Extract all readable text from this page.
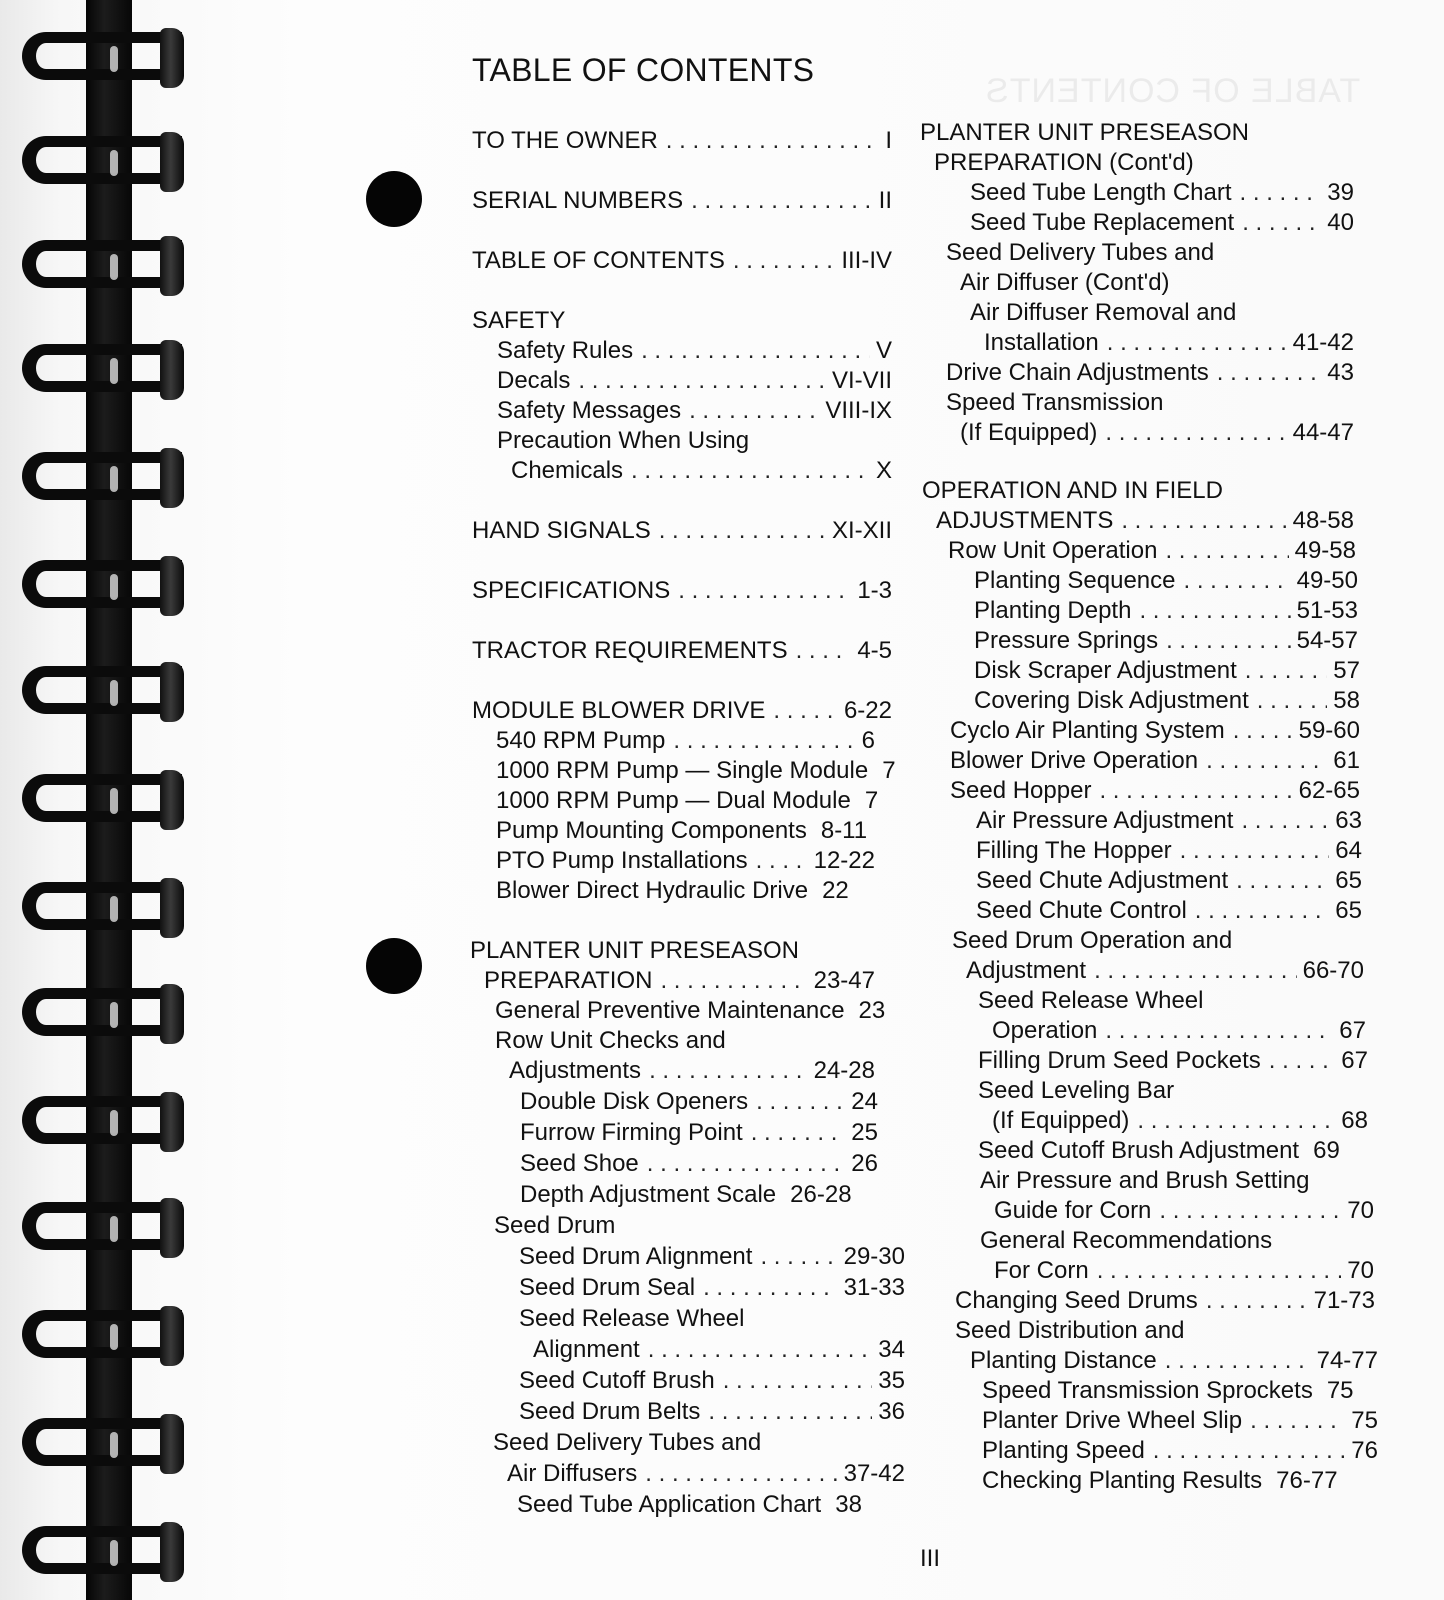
TABLE OF CONTENTS
TABLE OF CONTENTS
TO THE OWNER . . .	I
SERIAL NUMBERS . . .	II
TABLE OF CONTENTS . . .	III-IV
SAFETY
Safety Rules . . .	V
Decals . . .	VI-VII
Safety Messages . . .	VIII-IX
Precaution When Using
Chemicals . . .	X
HAND SIGNALS . . .	XI-XII
SPECIFICATIONS . . .	1-3
TRACTOR REQUIREMENTS . . .	4-5
MODULE BLOWER DRIVE . . .	6-22
540 RPM Pump . . .	6
1000 RPM Pump — Single Module 7
1000 RPM Pump — Dual Module 7
Pump Mounting Components 8-11
PTO Pump Installations . . .	12-22
Blower Direct Hydraulic Drive 22
PLANTER UNIT PRESEASON
PREPARATION . . .	23-47
General Preventive Maintenance 23
Row Unit Checks and
Adjustments . . .	24-28
Double Disk Openers . . .	24
Furrow Firming Point . . .	25
Seed Shoe . . .	26
Depth Adjustment Scale 26-28
Seed Drum
Seed Drum Alignment . . .	29-30
Seed Drum Seal . . .	31-33
Seed Release Wheel
Alignment . . .	34
Seed Cutoff Brush . . .	35
Seed Drum Belts . . .	36
Seed Delivery Tubes and
Air Diffusers . . .	37-42
Seed Tube Application Chart 38
PLANTER UNIT PRESEASON
PREPARATION (Cont'd)
Seed Tube Length Chart . . .	39
Seed Tube Replacement . . .	40
Seed Delivery Tubes and
Air Diffuser (Cont'd)
Air Diffuser Removal and
Installation . . .	41-42
Drive Chain Adjustments . . .	43
Speed Transmission
(If Equipped) . . .	44-47
OPERATION AND IN FIELD
ADJUSTMENTS . . .	48-58
Row Unit Operation . . .	49-58
Planting Sequence . . .	49-50
Planting Depth . . .	51-53
Pressure Springs . . .	54-57
Disk Scraper Adjustment . . .	57
Covering Disk Adjustment . . .	58
Cyclo Air Planting System . . .	59-60
Blower Drive Operation . . .	61
Seed Hopper . . .	62-65
Air Pressure Adjustment . . .	63
Filling The Hopper . . .	64
Seed Chute Adjustment . . .	65
Seed Chute Control . . .	65
Seed Drum Operation and
Adjustment . . .	66-70
Seed Release Wheel
Operation . . .	67
Filling Drum Seed Pockets . . .	67
Seed Leveling Bar
(If Equipped) . . .	68
Seed Cutoff Brush Adjustment 69
Air Pressure and Brush Setting
Guide for Corn . . .	70
General Recommendations
For Corn . . .	70
Changing Seed Drums . . .	71-73
Seed Distribution and
Planting Distance . . .	74-77
Speed Transmission Sprockets 75
Planter Drive Wheel Slip . . .	75
Planting Speed . . .	76
Checking Planting Results 76-77
III
